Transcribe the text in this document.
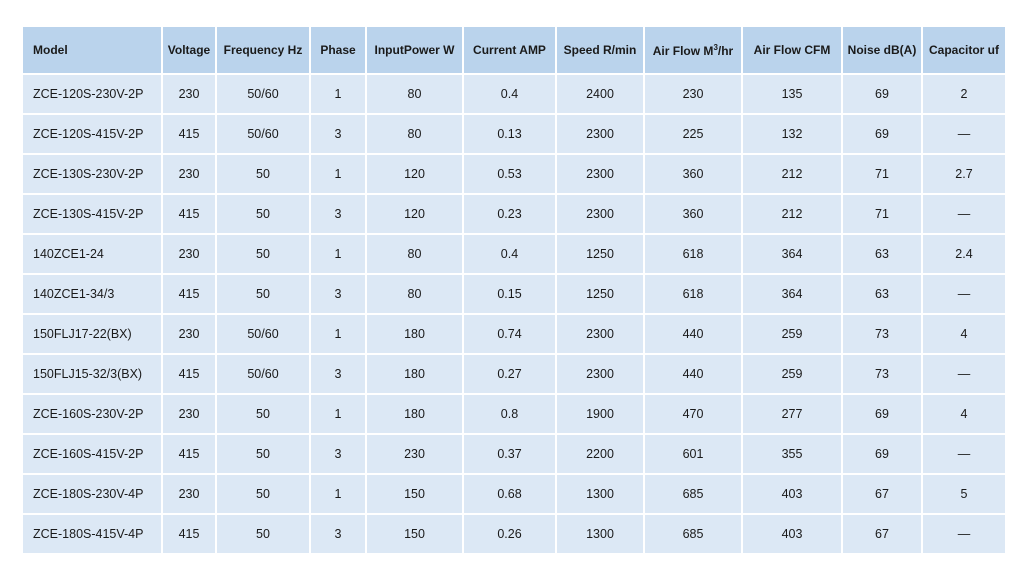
Model	Voltage	Frequency Hz	Phase	InputPower W	Current AMP	Speed R/min	Air Flow $M^3/hr$	Air Flow CFM	Noise dB(A)	Capacitor uf
ZCE-120S-230V-2P	230	50/60	1	80	0.4	2400	230	135	69	2
ZCE-120S-415V-2P	415	50/60	3	80	0.13	2300	225	132	69	—
ZCE-130S-230V-2P	230	50	1	120	0.53	2300	360	212	71	2.7
ZCE-130S-415V-2P	415	50	3	120	0.23	2300	360	212	71	—
140ZCE1-24	230	50	1	80	0.4	1250	618	364	63	2.4
140ZCE1-34/3	415	50	3	80	0.15	1250	618	364	63	—
150FLJ17-22(BX)	230	50/60	1	180	0.74	2300	440	259	73	4
150FLJ15-32/3(BX)	415	50/60	3	180	0.27	2300	440	259	73	—
ZCE-160S-230V-2P	230	50	1	180	0.8	1900	470	277	69	4
ZCE-160S-415V-2P	415	50	3	230	0.37	2200	601	355	69	—
ZCE-180S-230V-4P	230	50	1	150	0.68	1300	685	403	67	5
ZCE-180S-415V-4P	415	50	3	150	0.26	1300	685	403	67	—
